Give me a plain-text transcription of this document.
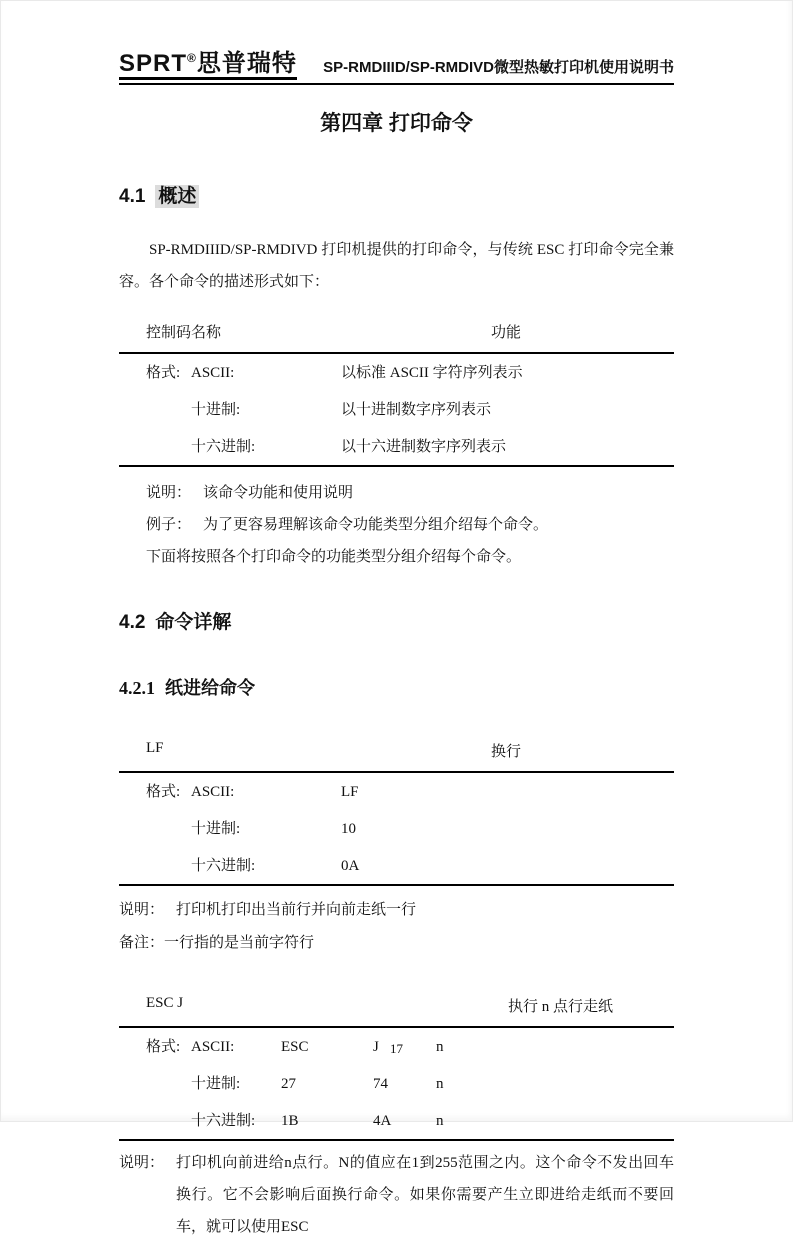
SPRT®思普瑞特 SP-RMDIIID/SP-RMDIVD微型热敏打印机使用说明书
第四章 打印命令
4.1 概述

SP-RMDIIID/SP-RMDIVD 打印机提供的打印命令，与传统 ESC 打印命令完全兼容。各个命令的描述形式如下：

控制码名称	功能
格式: ASCII:	以标准 ASCII 字符序列表示
十进制:	以十进制数字序列表示
十六进制:	以十六进制数字序列表示
说明： 该命令功能和使用说明
例子： 为了更容易理解该命令功能类型分组介绍每个命令。
下面将按照各个打印命令的功能类型分组介绍每个命令。
4.2 命令详解
4.2.1 纸进给命令
LF	换行
格式: ASCII:	LF
十进制:	10
十六进制:	0A
说明： 打印机打印出当前行并向前走纸一行
备注： 一行指的是当前字符行
ESC J	执行 n 点行走纸
格式: ASCII:	ESC	J	n
十进制:	27	74	n
十六进制:	1B	4A	n
说明： 打印机向前进给n点行。N的值应在1到255范围之内。这个命令不发出回车换行。它不会影响后面换行命令。如果你需要产生立即进给走纸而不要回车，就可以使用ESC
17
